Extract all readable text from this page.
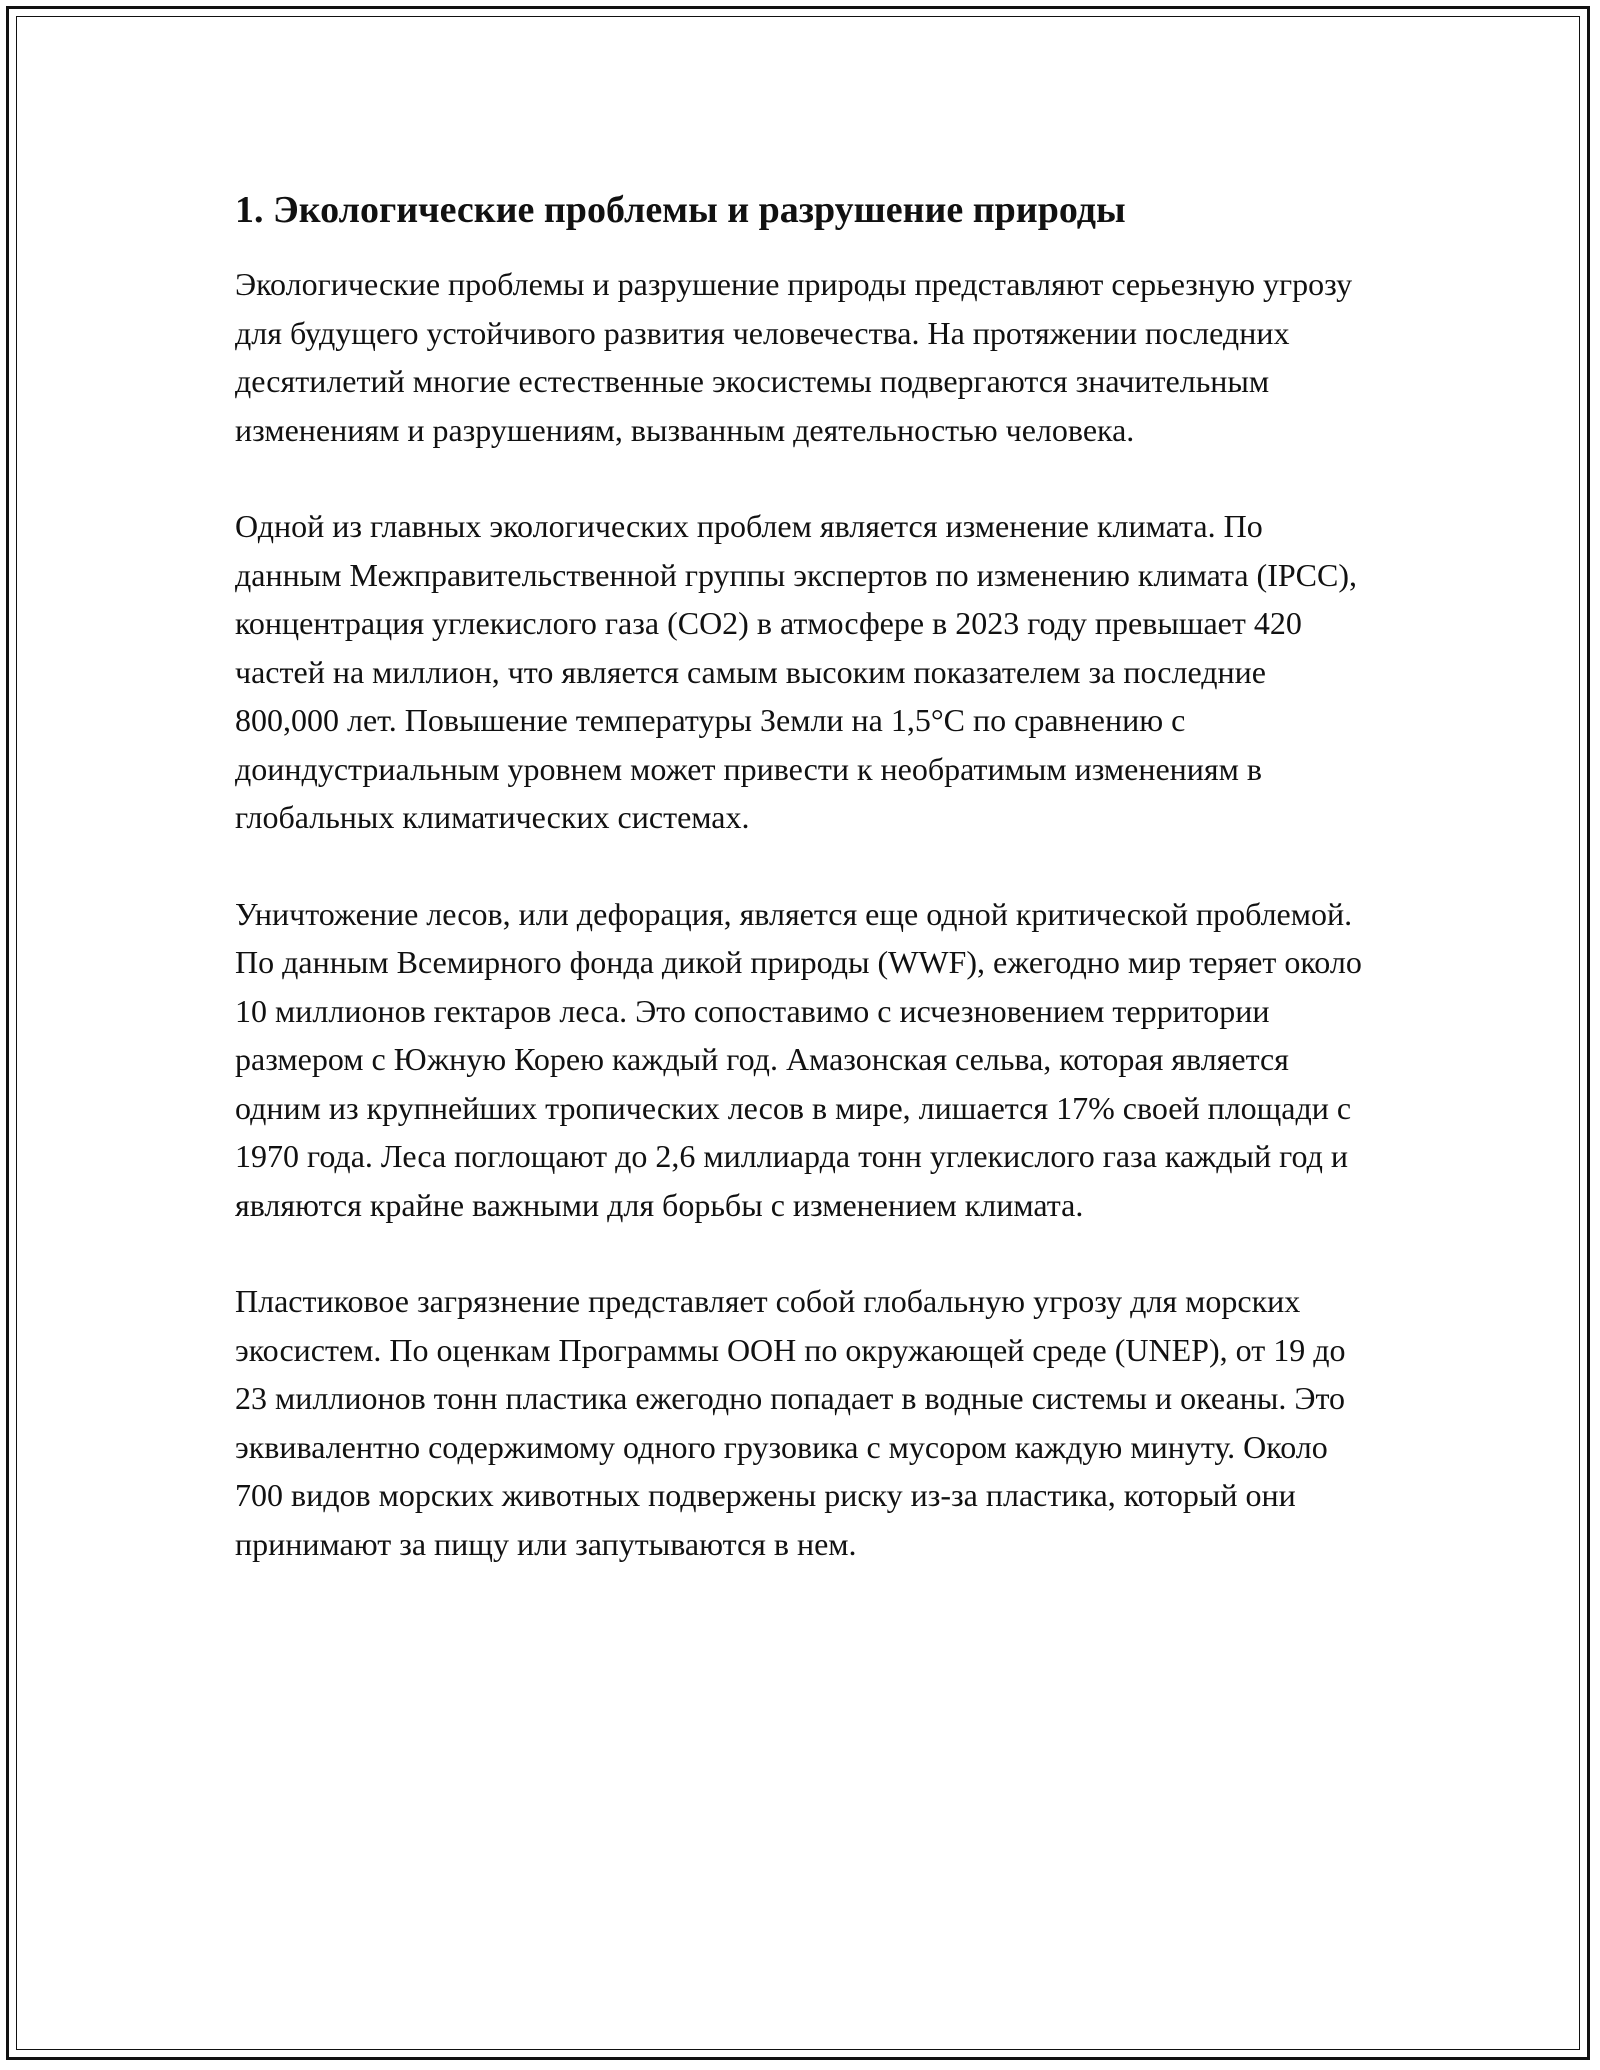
1. Экологические проблемы и разрушение природы

Экологические проблемы и разрушение природы представляют серьезную угрозу для будущего устойчивого развития человечества. На протяжении последних десятилетий многие естественные экосистемы подвергаются значительным изменениям и разрушениям, вызванным деятельностью человека.

Одной из главных экологических проблем является изменение климата. По данным Межправительственной группы экспертов по изменению климата (IPCC), концентрация углекислого газа (CO2) в атмосфере в 2023 году превышает 420 частей на миллион, что является самым высоким показателем за последние 800,000 лет. Повышение температуры Земли на 1,5°C по сравнению с доиндустриальным уровнем может привести к необратимым изменениям в глобальных климатических системах.

Уничтожение лесов, или дефорация, является еще одной критической проблемой. По данным Всемирного фонда дикой природы (WWF), ежегодно мир теряет около 10 миллионов гектаров леса. Это сопоставимо с исчезновением территории размером с Южную Корею каждый год. Амазонская сельва, которая является одним из крупнейших тропических лесов в мире, лишается 17% своей площади с 1970 года. Леса поглощают до 2,6 миллиарда тонн углекислого газа каждый год и являются крайне важными для борьбы с изменением климата.

Пластиковое загрязнение представляет собой глобальную угрозу для морских экосистем. По оценкам Программы ООН по окружающей среде (UNEP), от 19 до 23 миллионов тонн пластика ежегодно попадает в водные системы и океаны. Это эквивалентно содержимому одного грузовика с мусором каждую минуту. Около 700 видов морских животных подвержены риску из-за пластика, который они принимают за пищу или запутываются в нем.
